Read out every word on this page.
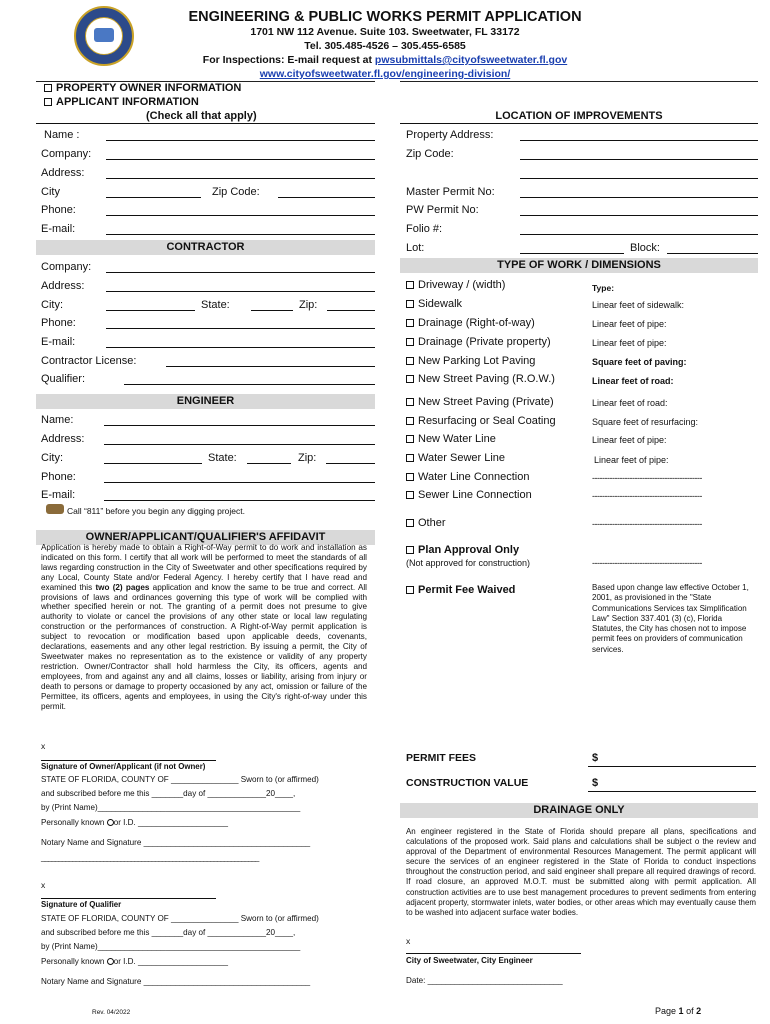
ENGINEERING & PUBLIC WORKS PERMIT APPLICATION
1701 NW 112 Avenue. Suite 103. Sweetwater, FL 33172
Tel. 305.485-4526 – 305.455-6585
For Inspections: E-mail request at pwsubmittals@cityofsweetwater.fl.gov
www.cityofsweetwater.fl.gov/engineering-division/
PROPERTY OWNER INFORMATION
APPLICANT INFORMATION
(Check all that apply)
Name :
Company:
Address:
City	Zip Code:
Phone:
E-mail:
CONTRACTOR
Company:
Address:
City:	State:	Zip:
Phone:
E-mail:
Contractor License:
Qualifier:
ENGINEER
Name:
Address:
City:	State:	Zip:
Phone:
E-mail:
Call “811” before you begin any digging project.
OWNER/APPLICANT/QUALIFIER'S AFFIDAVIT
Application is hereby made to obtain a Right-of-Way permit to do work and installation as indicated on this form. I certify that all work will be performed to meet the standards of all laws regarding construction in the City of Sweetwater and other specifications required by any Local, County State and/or Federal Agency. I hereby certify that I have read and examined this two (2) pages application and know the same to be true and correct. All provisions of laws and ordinances governing this type of work will be complied with whether specified herein or not. The granting of a permit does not presume to give authority to violate or cancel the provisions of any other state or local law regulating construction or the performances of construction. A Right-of-Way permit application is subject to revocation or modification based upon applicable deeds, covenants, declarations, easements and any other legal restriction. By issuing a permit, the City of Sweetwater makes no representation as to the existence or validity of any property restriction. Owner/Contractor shall hold harmless the City, its officers, agents and employees, from and against any and all claims, losses or liability, arising from injury or death to persons or damage to property occasioned by any act, omission or failure of the Permittee, its officers, agents and employees, in using the City's right-of-way under this permit.
x
Signature of Owner/Applicant (if not Owner)
STATE OF FLORIDA, COUNTY OF _______________ Sworn to (or affirmed)
and subscribed before me this _______day of _____________20____,
by (Print Name)_____________________________________________
Personally known or I.D. ____________________
Notary Name and Signature _____________________________________
_______________________________________________________________
x
Signature of Qualifier
STATE OF FLORIDA, COUNTY OF _______________ Sworn to (or affirmed)
and subscribed before me this _______day of _____________20____,
by (Print Name)_____________________________________________
Personally known or I.D. ____________________
Notary Name and Signature _____________________________________
LOCATION OF IMPROVEMENTS
Property Address:
Zip Code:
Master Permit No:
PW Permit No:
Folio #:
Lot:	Block:
TYPE OF WORK / DIMENSIONS
Type:
Driveway / (width)
Sidewalk	Linear feet of sidewalk:
Drainage (Right-of-way)	Linear feet of pipe:
Drainage (Private property)	Linear feet of pipe:
New Parking Lot Paving	Square feet of paving:
New Street Paving (R.O.W.)	Linear feet of road:
New Street Paving (Private)	Linear feet of road:
Resurfacing or Seal Coating	Square feet of resurfacing:
New Water Line	Linear feet of pipe:
Water Sewer Line	Linear feet of pipe:
Water Line Connection	--------------------------------------------
Sewer Line Connection	--------------------------------------------
Other	--------------------------------------------
Plan Approval Only
(Not approved for construction)	--------------------------------------------
Permit Fee Waived	Based upon change law effective October 1, 2001, as provisioned in the "State Communications Services tax Simplification Law" Section 337.401 (3) (c), Florida Statutes, the City has chosen not to impose permit fees on providers of communication services.
PERMIT FEES	$
CONSTRUCTION VALUE	$
DRAINAGE ONLY
An engineer registered in the State of Florida should prepare all plans, specifications and calculations of the proposed work. Said plans and calculations shall be subject o the review and approval of the Department of environmental Resources Management. The permit applicant will secure the services of an engineer registered in the State of Florida to conduct inspections throughout the construction period, and said engineer shall prepare all required drawings of record. If road closure, an approved M.O.T. must be submitted along with permit application. All construction activities are to use best management procedures to prevent sediments from entering adjacent property, stormwater inlets, water bodies, or other areas which may eventually cause them to be washed into adjacent surface water bodies.
x
City of Sweetwater, City Engineer
Date: ______________________________
Rev. 04/2022	Page 1 of 2
